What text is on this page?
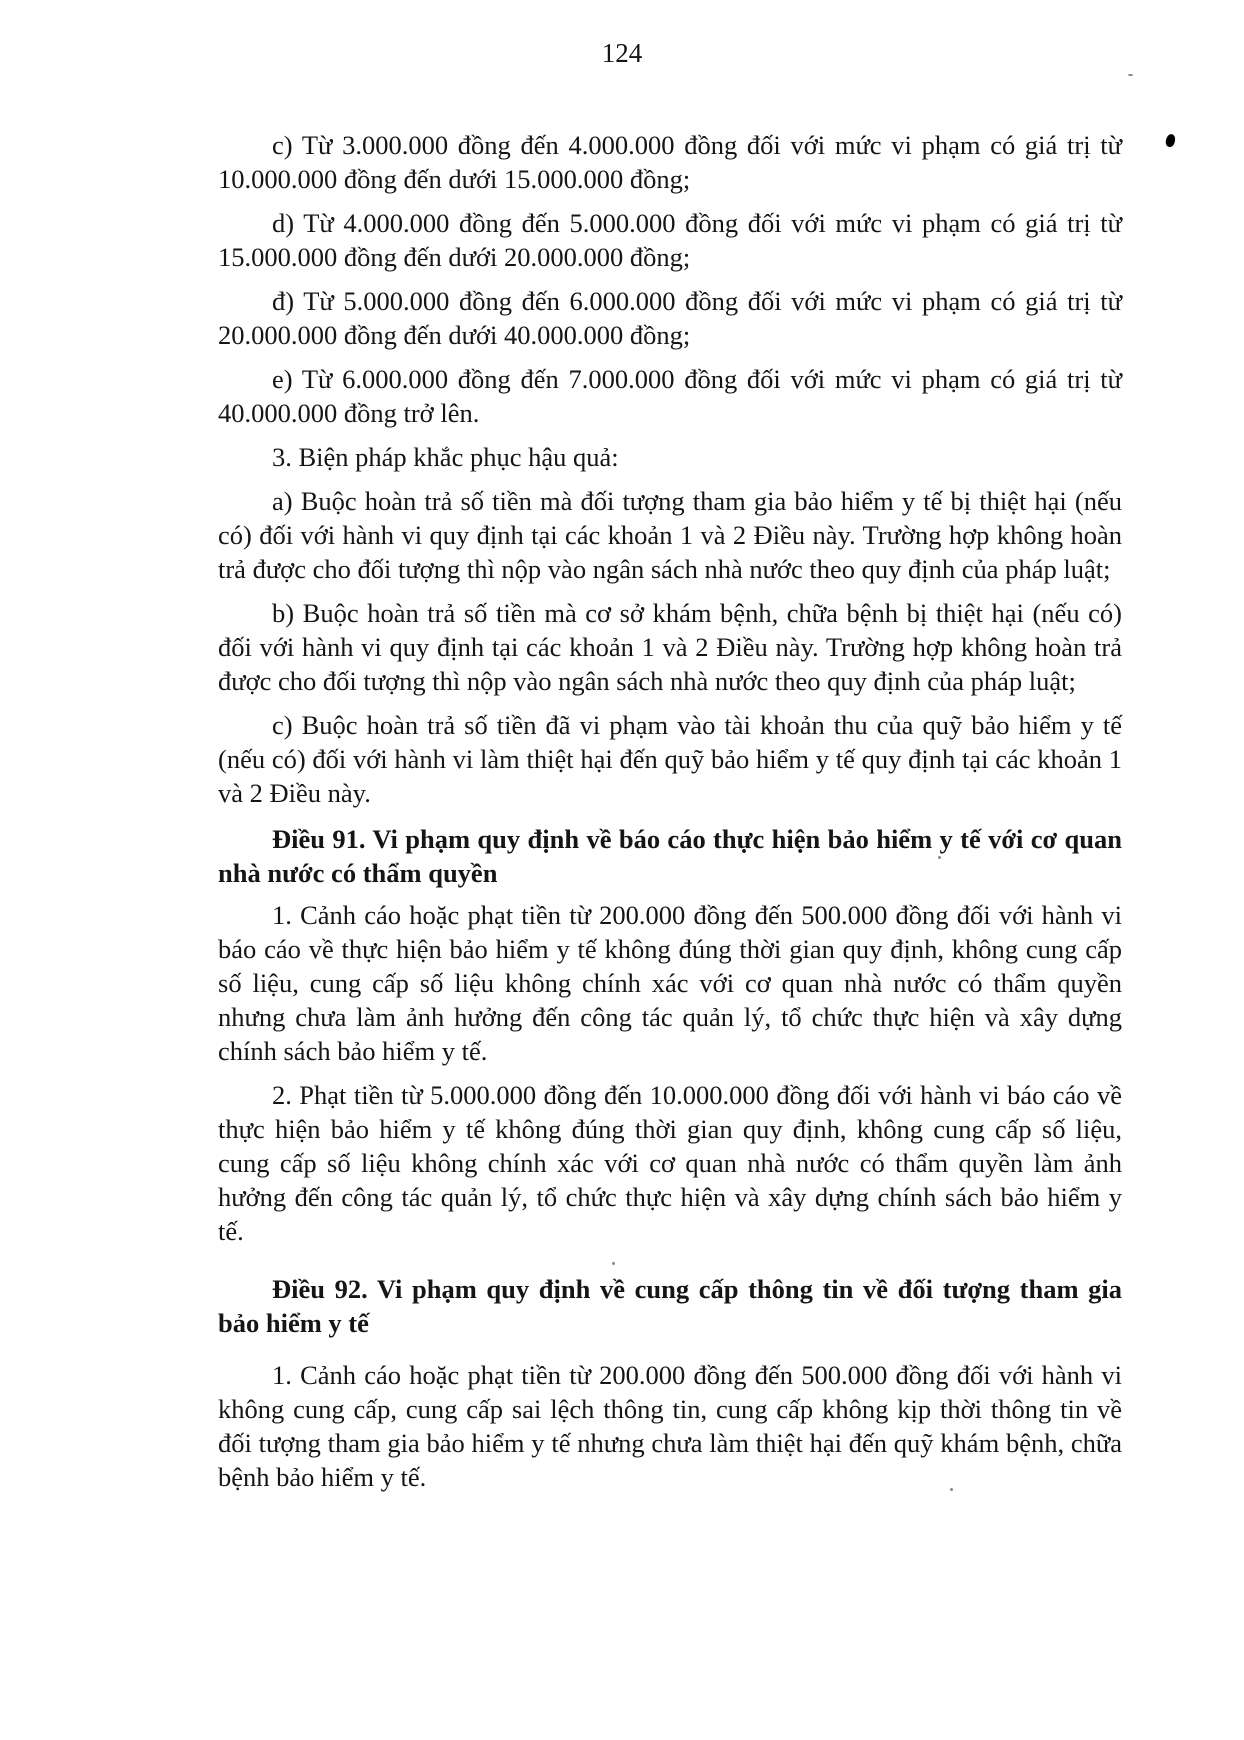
124

c) Từ 3.000.000 đồng đến 4.000.000 đồng đối với mức vi phạm có giá trị từ 10.000.000 đồng đến dưới 15.000.000 đồng;

d) Từ 4.000.000 đồng đến 5.000.000 đồng đối với mức vi phạm có giá trị từ 15.000.000 đồng đến dưới 20.000.000 đồng;

đ) Từ 5.000.000 đồng đến 6.000.000 đồng đối với mức vi phạm có giá trị từ 20.000.000 đồng đến dưới 40.000.000 đồng;

e) Từ 6.000.000 đồng đến 7.000.000 đồng đối với mức vi phạm có giá trị từ 40.000.000 đồng trở lên.

3. Biện pháp khắc phục hậu quả:

a) Buộc hoàn trả số tiền mà đối tượng tham gia bảo hiểm y tế bị thiệt hại (nếu có) đối với hành vi quy định tại các khoản 1 và 2 Điều này. Trường hợp không hoàn trả được cho đối tượng thì nộp vào ngân sách nhà nước theo quy định của pháp luật;

b) Buộc hoàn trả số tiền mà cơ sở khám bệnh, chữa bệnh bị thiệt hại (nếu có) đối với hành vi quy định tại các khoản 1 và 2 Điều này. Trường hợp không hoàn trả được cho đối tượng thì nộp vào ngân sách nhà nước theo quy định của pháp luật;

c) Buộc hoàn trả số tiền đã vi phạm vào tài khoản thu của quỹ bảo hiểm y tế (nếu có) đối với hành vi làm thiệt hại đến quỹ bảo hiểm y tế quy định tại các khoản 1 và 2 Điều này.

Điều 91. Vi phạm quy định về báo cáo thực hiện bảo hiểm y tế với cơ quan nhà nước có thẩm quyền

1. Cảnh cáo hoặc phạt tiền từ 200.000 đồng đến 500.000 đồng đối với hành vi báo cáo về thực hiện bảo hiểm y tế không đúng thời gian quy định, không cung cấp số liệu, cung cấp số liệu không chính xác với cơ quan nhà nước có thẩm quyền nhưng chưa làm ảnh hưởng đến công tác quản lý, tổ chức thực hiện và xây dựng chính sách bảo hiểm y tế.

2. Phạt tiền từ 5.000.000 đồng đến 10.000.000 đồng đối với hành vi báo cáo về thực hiện bảo hiểm y tế không đúng thời gian quy định, không cung cấp số liệu, cung cấp số liệu không chính xác với cơ quan nhà nước có thẩm quyền làm ảnh hưởng đến công tác quản lý, tổ chức thực hiện và xây dựng chính sách bảo hiểm y tế.

Điều 92. Vi phạm quy định về cung cấp thông tin về đối tượng tham gia bảo hiểm y tế

1. Cảnh cáo hoặc phạt tiền từ 200.000 đồng đến 500.000 đồng đối với hành vi không cung cấp, cung cấp sai lệch thông tin, cung cấp không kịp thời thông tin về đối tượng tham gia bảo hiểm y tế nhưng chưa làm thiệt hại đến quỹ khám bệnh, chữa bệnh bảo hiểm y tế.
